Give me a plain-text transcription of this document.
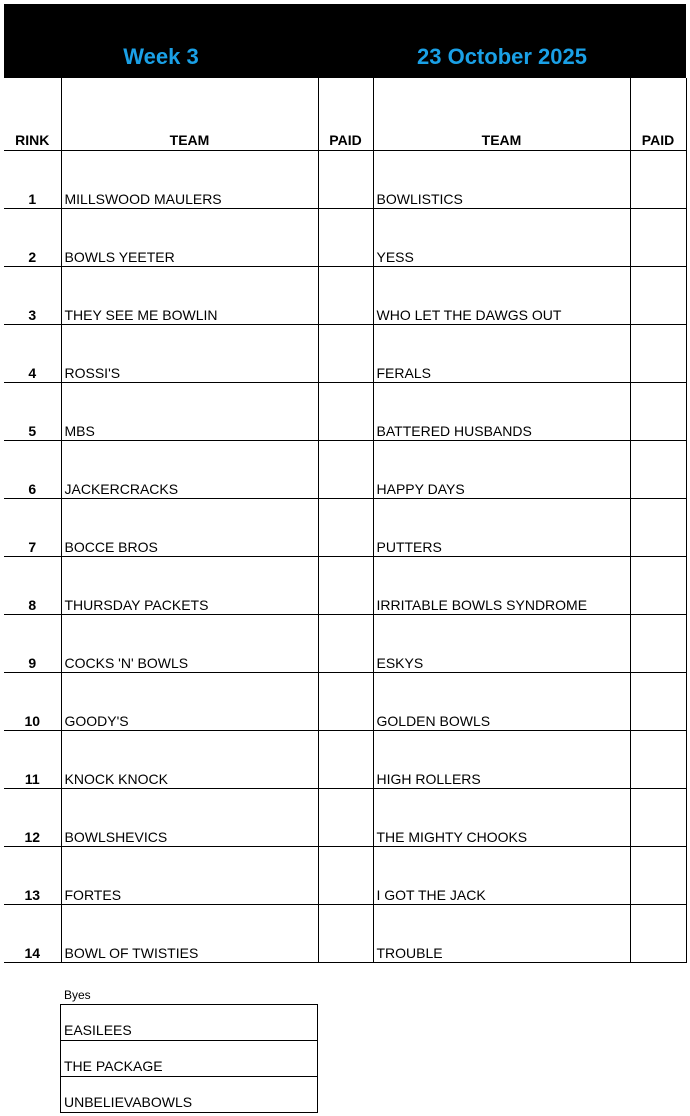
Week 3	23 October 2025
RINK	TEAM	PAID	TEAM	PAID
1	MILLSWOOD MAULERS		BOWLISTICS	
2	BOWLS YEETER		YESS	
3	THEY SEE ME BOWLIN		WHO LET THE DAWGS OUT	
4	ROSSI'S		FERALS	
5	MBS		BATTERED HUSBANDS	
6	JACKERCRACKS		HAPPY DAYS	
7	BOCCE BROS		PUTTERS	
8	THURSDAY PACKETS		IRRITABLE BOWLS SYNDROME	
9	COCKS 'N' BOWLS		ESKYS	
10	GOODY'S		GOLDEN BOWLS	
11	KNOCK KNOCK		HIGH ROLLERS	
12	BOWLSHEVICS		THE MIGHTY CHOOKS	
13	FORTES		I GOT THE JACK	
14	BOWL OF TWISTIES		TROUBLE	
Byes
EASILEES
THE PACKAGE
UNBELIEVABOWLS
